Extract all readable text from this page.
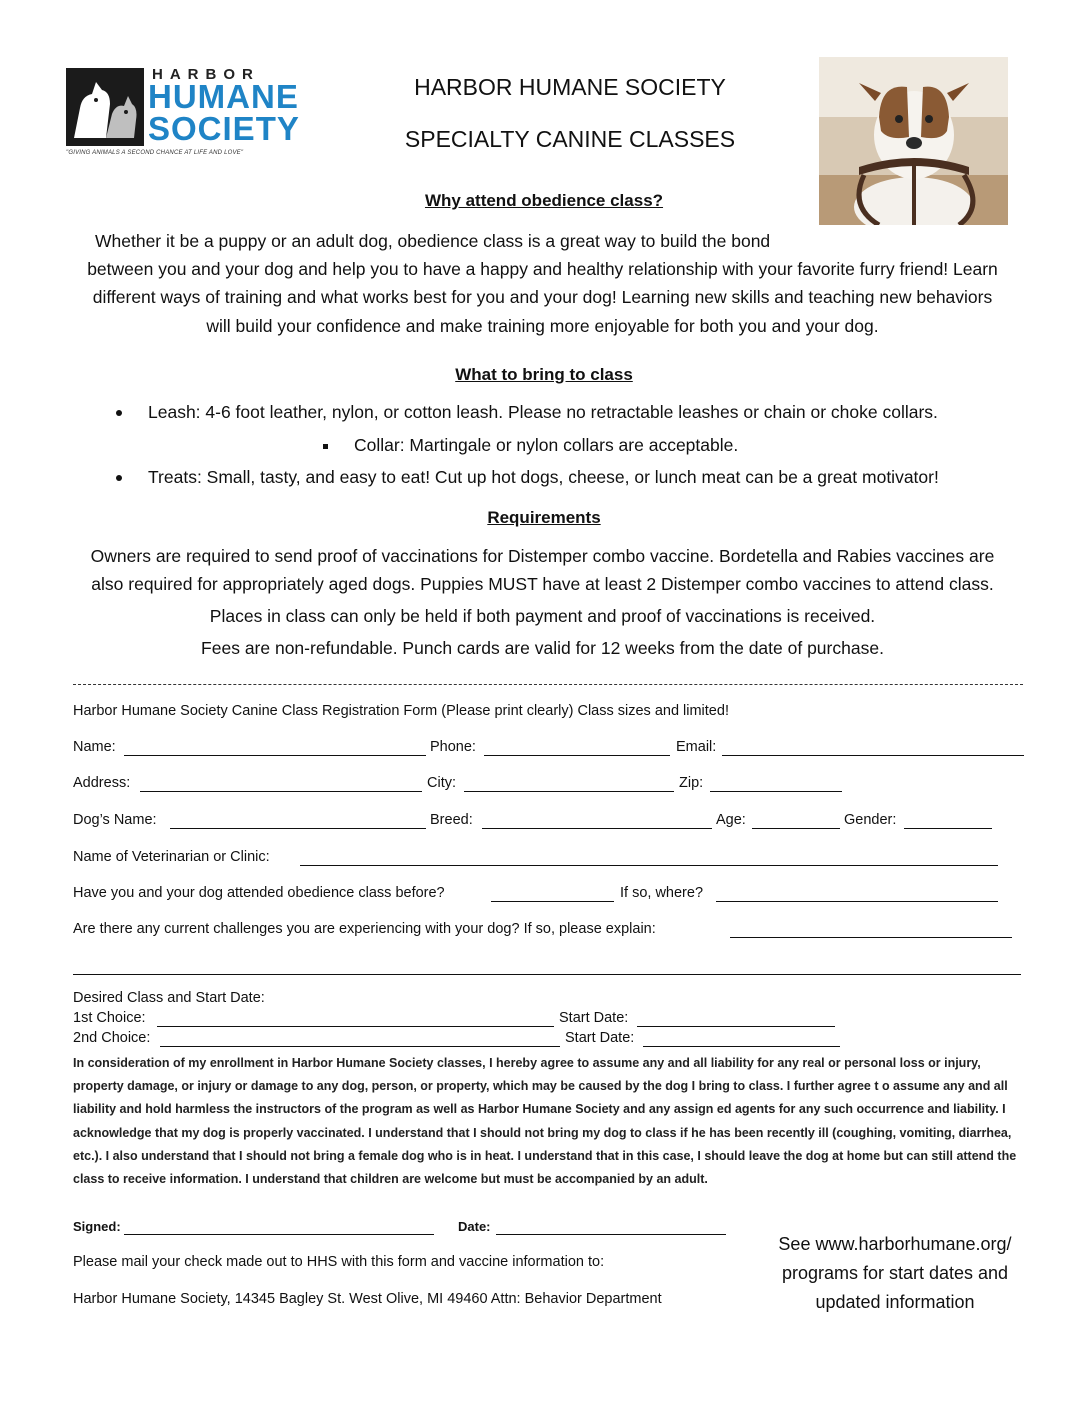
HARBOR
HUMANE
SOCIETY
"GIVING ANIMALS A SECOND CHANCE AT LIFE AND LOVE"
HARBOR HUMANE SOCIETY
SPECIALTY CANINE CLASSES
Why attend obedience class?
Whether it be a puppy or an adult dog, obedience class is a great way to build the bond
between you and your dog and help you to have a happy and healthy relationship with your favorite furry friend! Learn
different ways of training and what works best for you and your dog! Learning new skills and teaching new behaviors
will build your confidence and make training more enjoyable for both you and your dog.
What to bring to class
Leash: 4-6 foot leather, nylon, or cotton leash. Please no retractable leashes or chain or choke collars.
Collar: Martingale or nylon collars are acceptable.
Treats: Small, tasty, and easy to eat! Cut up hot dogs, cheese, or lunch meat can be a great motivator!
Requirements
Owners are required to send proof of vaccinations for Distemper combo vaccine. Bordetella and Rabies vaccines are
also required for appropriately aged dogs. Puppies MUST have at least 2 Distemper combo vaccines to attend class.
Places in class can only be held if both payment and proof of vaccinations is received.
Fees are non-refundable. Punch cards are valid for 12 weeks from the date of purchase.
Harbor Humane Society Canine Class Registration Form (Please print clearly) Class sizes and limited!
Name:	Phone:	Email:
Address:	City:	Zip:
Dog’s Name:	Breed:	Age:	Gender:
Name of Veterinarian or Clinic:
Have you and your dog attended obedience class before?	If so, where?
Are there any current challenges you are experiencing with your dog? If so, please explain:
Desired Class and Start Date:
1st Choice:	Start Date:
2nd Choice:	Start Date:
In consideration of my enrollment in Harbor Humane Society classes, I hereby agree to assume any and all liability for any real or personal loss or injury, property damage, or injury or damage to any dog, person, or property, which may be caused by the dog I bring to class. I further agree t o assume any and all liability and hold harmless the instructors of the program as well as Harbor Humane Society and any assign ed agents for any such occurrence and liability. I acknowledge that my dog is properly vaccinated. I understand that I should not bring my dog to class if he has been recently ill (coughing, vomiting, diarrhea, etc.). I also understand that I should not bring a female dog who is in heat. I understand that in this case, I should leave the dog at home but can still attend the class to receive information. I understand that children are welcome but must be accompanied by an adult.
Signed:	Date:
Please mail your check made out to HHS with this form and vaccine information to:
Harbor Humane Society, 14345 Bagley St. West Olive, MI 49460 Attn: Behavior Department
See www.harborhumane.org/
programs for start dates and
updated information
